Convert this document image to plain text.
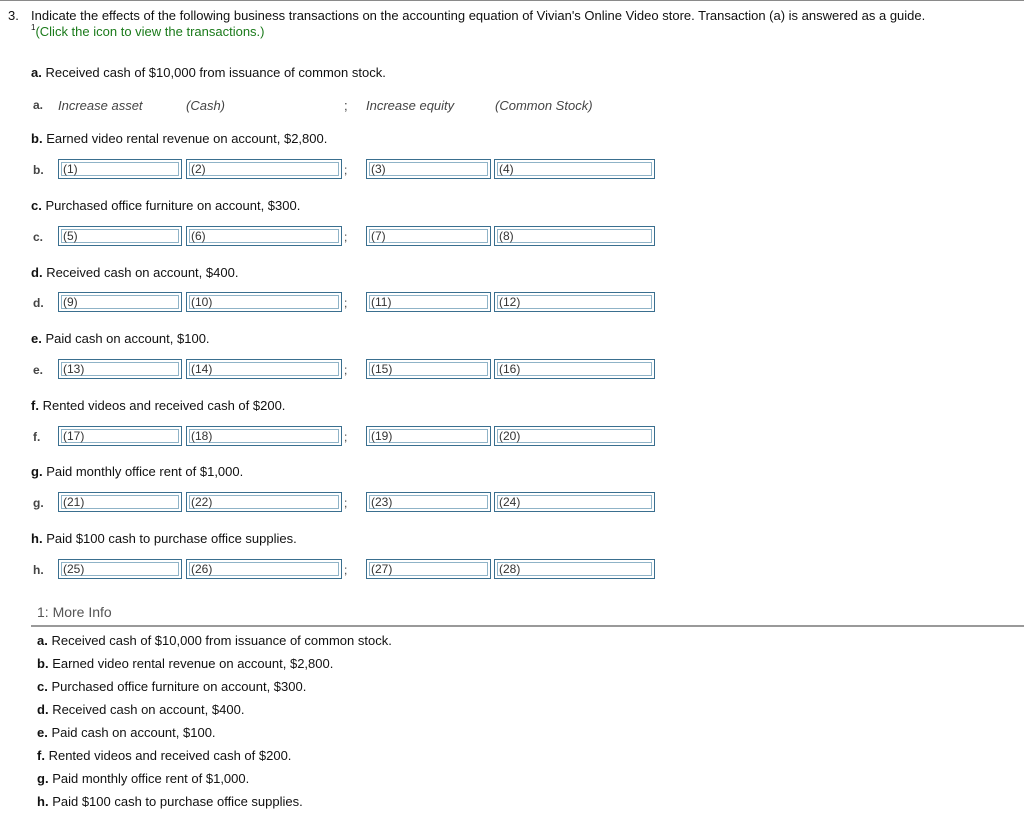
3. Indicate the effects of the following business transactions on the accounting equation of Vivian's Online Video store. Transaction (a) is answered as a guide.
$^1$(Click the icon to view the transactions.)
a. Received cash of $10,000 from issuance of common stock.
a. Increase asset	(Cash)	; Increase equity	(Common Stock)
b. Earned video rental revenue on account, $2,800.
b. (1)	(2)	; (3)	(4)
c. Purchased office furniture on account, $300.
c. (5)	(6)	; (7)	(8)
d. Received cash on account, $400.
d. (9)	(10)	; (11)	(12)
e. Paid cash on account, $100.
e. (13)	(14)	; (15)	(16)
f. Rented videos and received cash of $200.
f. (17)	(18)	; (19)	(20)
g. Paid monthly office rent of $1,000.
g. (21)	(22)	; (23)	(24)
h. Paid $100 cash to purchase office supplies.
h. (25)	(26)	; (27)	(28)
1: More Info
a. Received cash of $10,000 from issuance of common stock.
b. Earned video rental revenue on account, $2,800.
c. Purchased office furniture on account, $300.
d. Received cash on account, $400.
e. Paid cash on account, $100.
f. Rented videos and received cash of $200.
g. Paid monthly office rent of $1,000.
h. Paid $100 cash to purchase office supplies.
